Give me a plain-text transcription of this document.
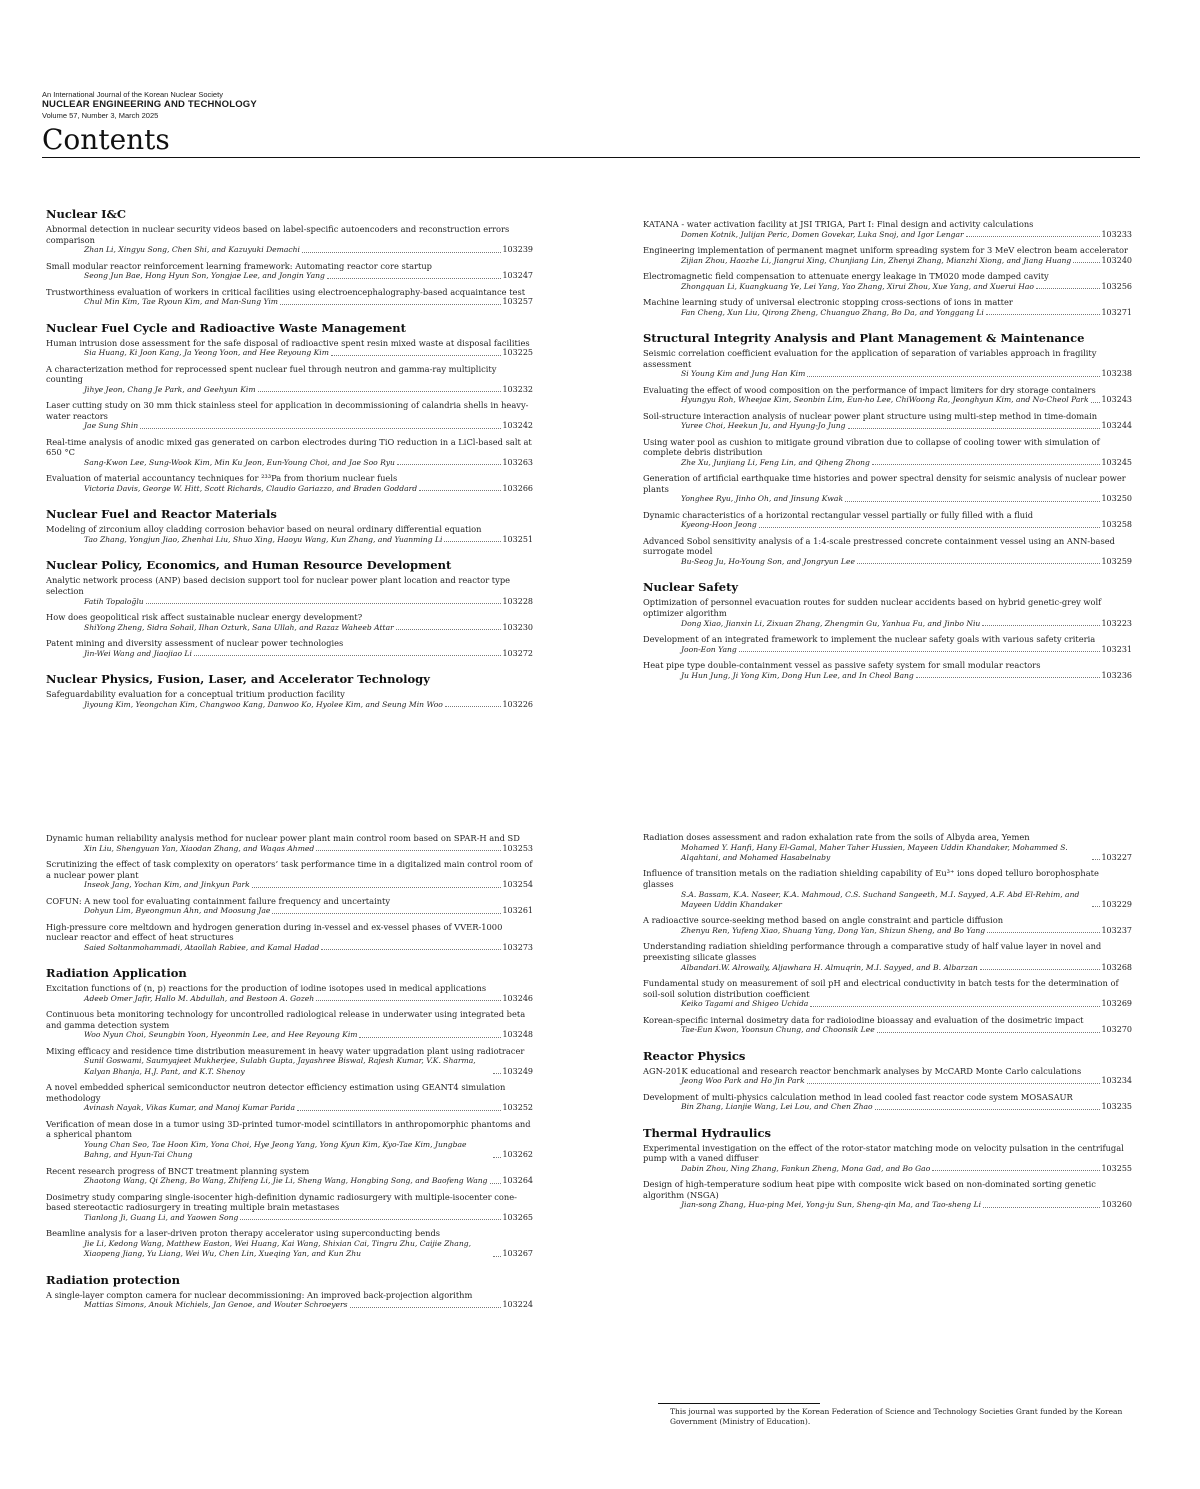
An International Journal of the Korean Nuclear Society
NUCLEAR ENGINEERING AND TECHNOLOGY
Volume 57, Number 3, March 2025
Contents
Nuclear I&C
Abnormal detection in nuclear security videos based on label-specific autoencoders and reconstruction errors comparison
Zhan Li, Xingyu Song, Chen Shi, and Kazuyuki Demachi	103239
Small modular reactor reinforcement learning framework: Automating reactor core startup
Seong Jun Bae, Hong Hyun Son, Yongjae Lee, and Jongin Yang	103247
Trustworthiness evaluation of workers in critical facilities using electroencephalography-based acquaintance test
Chul Min Kim, Tae Ryoun Kim, and Man-Sung Yim	103257
Nuclear Fuel Cycle and Radioactive Waste Management
Human intrusion dose assessment for the safe disposal of radioactive spent resin mixed waste at disposal facilities
Sia Huang, Ki Joon Kang, Ja Yeong Yoon, and Hee Reyoung Kim	103225
A characterization method for reprocessed spent nuclear fuel through neutron and gamma-ray multiplicity counting
Jihye Jeon, Chang Je Park, and Geehyun Kim	103232
Laser cutting study on 30 mm thick stainless steel for application in decommissioning of calandria shells in heavy-water reactors
Jae Sung Shin	103242
Real-time analysis of anodic mixed gas generated on carbon electrodes during TiO reduction in a LiCl-based salt at 650 °C
Sang-Kwon Lee, Sung-Wook Kim, Min Ku Jeon, Eun-Young Choi, and Jae Soo Ryu	103263
Evaluation of material accountancy techniques for ²³³Pa from thorium nuclear fuels
Victoria Davis, George W. Hitt, Scott Richards, Claudio Gariazzo, and Braden Goddard	103266
Nuclear Fuel and Reactor Materials
Modeling of zirconium alloy cladding corrosion behavior based on neural ordinary differential equation
Tao Zhang, Yongjun Jiao, Zhenhai Liu, Shuo Xing, Haoyu Wang, Kun Zhang, and Yuanming Li	103251
Nuclear Policy, Economics, and Human Resource Development
Analytic network process (ANP) based decision support tool for nuclear power plant location and reactor type selection
Fatih Topaloğlu	103228
How does geopolitical risk affect sustainable nuclear energy development?
ShiYong Zheng, Sidra Sohail, Ilhan Ozturk, Sana Ullah, and Razaz Waheeb Attar	103230
Patent mining and diversity assessment of nuclear power technologies
Jin-Wei Wang and Jiaojiao Li	103272
Nuclear Physics, Fusion, Laser, and Accelerator Technology
Safeguardability evaluation for a conceptual tritium production facility
Jiyoung Kim, Yeongchan Kim, Changwoo Kang, Danwoo Ko, Hyolee Kim, and Seung Min Woo	103226
KATANA - water activation facility at JSI TRIGA, Part I: Final design and activity calculations
Domen Kotnik, Julijan Peric, Domen Govekar, Luka Snoj, and Igor Lengar	103233
Engineering implementation of permanent magnet uniform spreading system for 3 MeV electron beam accelerator
Zijian Zhou, Haozhe Li, Jiangrui Xing, Chunjiang Lin, Zhenyi Zhang, Mianzhi Xiong, and Jiang Huang	103240
Electromagnetic field compensation to attenuate energy leakage in TM020 mode damped cavity
Zhongquan Li, Kuangkuang Ye, Lei Yang, Yao Zhang, Xirui Zhou, Xue Yang, and Xuerui Hao	103256
Machine learning study of universal electronic stopping cross-sections of ions in matter
Fan Cheng, Xun Liu, Qirong Zheng, Chuanguo Zhang, Bo Da, and Yonggang Li	103271
Structural Integrity Analysis and Plant Management & Maintenance
Seismic correlation coefficient evaluation for the application of separation of variables approach in fragility assessment
Si Young Kim and Jung Han Kim	103238
Evaluating the effect of wood composition on the performance of impact limiters for dry storage containers
Hyungyu Roh, Wheejae Kim, Seonbin Lim, Eun-ho Lee, ChiWoong Ra, Jeonghyun Kim, and No-Cheol Park 103243
Soil-structure interaction analysis of nuclear power plant structure using multi-step method in time-domain
Yuree Choi, Heekun Ju, and Hyung-Jo Jung	103244
Using water pool as cushion to mitigate ground vibration due to collapse of cooling tower with simulation of complete debris distribution
Zhe Xu, Junjiang Li, Feng Lin, and Qiheng Zhong	103245
Generation of artificial earthquake time histories and power spectral density for seismic analysis of nuclear power plants
Yonghee Ryu, Jinho Oh, and Jinsung Kwak	103250
Dynamic characteristics of a horizontal rectangular vessel partially or fully filled with a fluid
Kyeong-Hoon Jeong	103258
Advanced Sobol sensitivity analysis of a 1:4-scale prestressed concrete containment vessel using an ANN-based surrogate model
Bu-Seog Ju, Ho-Young Son, and Jongryun Lee	103259
Nuclear Safety
Optimization of personnel evacuation routes for sudden nuclear accidents based on hybrid genetic-grey wolf optimizer algorithm
Dong Xiao, Jianxin Li, Zixuan Zhang, Zhengmin Gu, Yanhua Fu, and Jinbo Niu	103223
Development of an integrated framework to implement the nuclear safety goals with various safety criteria
Joon-Eon Yang	103231
Heat pipe type double-containment vessel as passive safety system for small modular reactors
Ju Hun Jung, Ji Yong Kim, Dong Hun Lee, and In Cheol Bang	103236
Dynamic human reliability analysis method for nuclear power plant main control room based on SPAR-H and SD
Xin Liu, Shengyuan Yan, Xiaodan Zhang, and Waqas Ahmed	103253
Scrutinizing the effect of task complexity on operators’ task performance time in a digitalized main control room of a nuclear power plant
Inseok Jang, Yochan Kim, and Jinkyun Park	103254
COFUN: A new tool for evaluating containment failure frequency and uncertainty
Dohyun Lim, Byeongmun Ahn, and Moosung Jae	103261
High-pressure core meltdown and hydrogen generation during in-vessel and ex-vessel phases of VVER-1000 nuclear reactor and effect of heat structures
Saied Soltanmohammadi, Ataollah Rabiee, and Kamal Hadad	103273
Radiation Application
Excitation functions of (n, p) reactions for the production of iodine isotopes used in medical applications
Adeeb Omer Jafir, Hallo M. Abdullah, and Bestoon A. Gozeh	103246
Continuous beta monitoring technology for uncontrolled radiological release in underwater using integrated beta and gamma detection system
Woo Nyun Choi, Seungbin Yoon, Hyeonmin Lee, and Hee Reyoung Kim	103248
Mixing efficacy and residence time distribution measurement in heavy water upgradation plant using radiotracer
Sunil Goswami, Saumyajeet Mukherjee, Sulabh Gupta, Jayashree Biswal, Rajesh Kumar, V.K. Sharma, Kalyan Bhanja, H.J. Pant, and K.T. Shenoy	103249
A novel embedded spherical semiconductor neutron detector efficiency estimation using GEANT4 simulation methodology
Avinash Nayak, Vikas Kumar, and Manoj Kumar Parida	103252
Verification of mean dose in a tumor using 3D-printed tumor-model scintillators in anthropomorphic phantoms and a spherical phantom
Young Chan Seo, Tae Hoon Kim, Yona Choi, Hye Jeong Yang, Yong Kyun Kim, Kyo-Tae Kim, Jungbae Bahng, and Hyun-Tai Chung	103262
Recent research progress of BNCT treatment planning system
Zhaotong Wang, Qi Zheng, Bo Wang, Zhifeng Li, Jie Li, Sheng Wang, Hongbing Song, and Baofeng Wang 103264
Dosimetry study comparing single-isocenter high-definition dynamic radiosurgery with multiple-isocenter cone-based stereotactic radiosurgery in treating multiple brain metastases
Tianlong Ji, Guang Li, and Yaowen Song	103265
Beamline analysis for a laser-driven proton therapy accelerator using superconducting bends
Jie Li, Kedong Wang, Matthew Easton, Wei Huang, Kai Wang, Shixian Cai, Tingru Zhu, Caijie Zhang, Xiaopeng Jiang, Yu Liang, Wei Wu, Chen Lin, Xueqing Yan, and Kun Zhu	103267
Radiation protection
A single-layer compton camera for nuclear decommissioning: An improved back-projection algorithm
Mattias Simons, Anouk Michiels, Jan Genoe, and Wouter Schroeyers	103224
Radiation doses assessment and radon exhalation rate from the soils of Albyda area, Yemen
Mohamed Y. Hanfi, Hany El-Gamal, Maher Taher Hussien, Mayeen Uddin Khandaker, Mohammed S. Alqahtani, and Mohamed Hasabelnaby	103227
Influence of transition metals on the radiation shielding capability of Eu³⁺ ions doped telluro borophosphate glasses
S.A. Bassam, K.A. Naseer, K.A. Mahmoud, C.S. Suchand Sangeeth, M.I. Sayyed, A.F. Abd El-Rehim, and Mayeen Uddin Khandaker	103229
A radioactive source-seeking method based on angle constraint and particle diffusion
Zhenyu Ren, Yufeng Xiao, Shuang Yang, Dong Yan, Shizun Sheng, and Bo Yang	103237
Understanding radiation shielding performance through a comparative study of half value layer in novel and preexisting silicate glasses
Albandari.W. Alrowaily, Aljawhara H. Almuqrin, M.I. Sayyed, and B. Albarzan	103268
Fundamental study on measurement of soil pH and electrical conductivity in batch tests for the determination of soil-soil solution distribution coefficient
Keiko Tagami and Shigeo Uchida	103269
Korean-specific internal dosimetry data for radioiodine bioassay and evaluation of the dosimetric impact
Tae-Eun Kwon, Yoonsun Chung, and Choonsik Lee	103270
Reactor Physics
AGN-201K educational and research reactor benchmark analyses by McCARD Monte Carlo calculations
Jeong Woo Park and Ho Jin Park	103234
Development of multi-physics calculation method in lead cooled fast reactor code system MOSASAUR
Bin Zhang, Lianjie Wang, Lei Lou, and Chen Zhao	103235
Thermal Hydraulics
Experimental investigation on the effect of the rotor-stator matching mode on velocity pulsation in the centrifugal pump with a vaned diffuser
Dabin Zhou, Ning Zhang, Fankun Zheng, Mona Gad, and Bo Gao	103255
Design of high-temperature sodium heat pipe with composite wick based on non-dominated sorting genetic algorithm (NSGA)
Jian-song Zhang, Hua-ping Mei, Yong-ju Sun, Sheng-qin Ma, and Tao-sheng Li	103260
This journal was supported by the Korean Federation of Science and Technology Societies Grant funded by the Korean Government (Ministry of Education).
